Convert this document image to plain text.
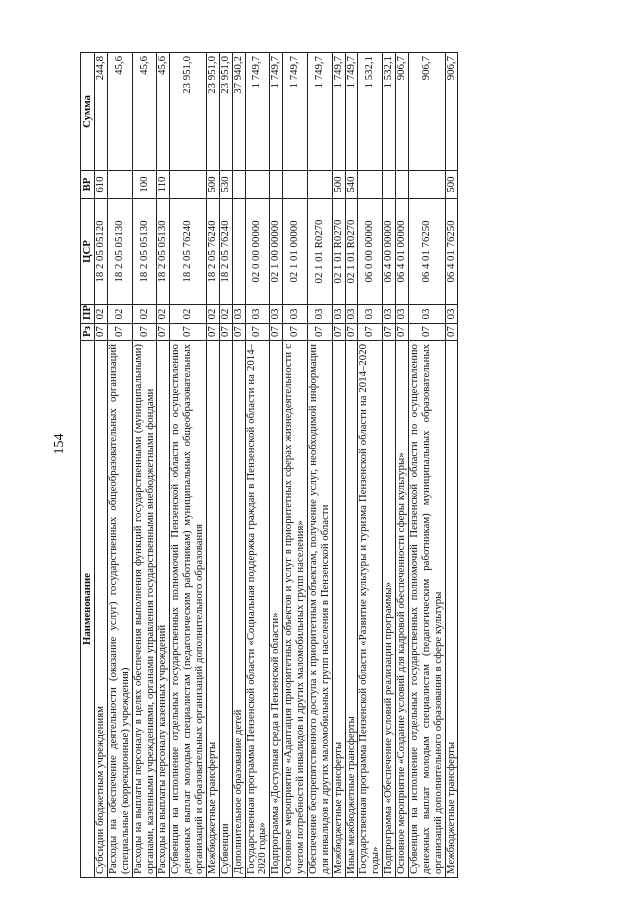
154
Наименование	Рз	ПР	ЦСР	ВР	Сумма
Субсидии бюджетным учреждениям	07	02	18 2 05 05120	610	244,8
Расходы на обеспечение деятельности (оказание услуг) государственных общеобразовательных организаций (специальные (коррекционные) учреждения)	07	02	18 2 05 05130		45,6
Расходы на выплаты персоналу в целях обеспечения выполнения функций государственными (муниципальными) органами, казенными учреждениями, органами управления государственными внебюджетными фондами	07	02	18 2 05 05130	100	45,6
Расходы на выплаты персоналу казенных учреждений	07	02	18 2 05 05130	110	45,6
Субвенция на исполнение отдельных государственных полномочий Пензенской области по осуществлению денежных выплат молодым специалистам (педагогическим работникам) муниципальных общеобразовательных организаций и образовательных организаций дополнительного образования	07	02	18 2 05 76240		23 951,0
Межбюджетные трансферты	07	02	18 2 05 76240	500	23 951,0
Субвенции	07	02	18 2 05 76240	530	23 951,0
Дополнительное образование детей	07	03			37 940,2
Государственная программа Пензенской области «Социальная поддержка граждан в Пензенской области на 2014–2020 годы»	07	03	02 0 00 00000		1 749,7
Подпрограмма «Доступная среда в Пензенской области»	07	03	02 1 00 00000		1 749,7
Основное мероприятие «Адаптация приоритетных объектов и услуг в приоритетных сферах жизнедеятельности с учетом потребностей инвалидов и других маломобильных групп населения»	07	03	02 1 01 00000		1 749,7
Обеспечение беспрепятственного доступа к приоритетным объектам, получение услуг, необходимой информации для инвалидов и других маломобильных групп населения в Пензенской области	07	03	02 1 01 R0270		1 749,7
Межбюджетные трансферты	07	03	02 1 01 R0270	500	1 749,7
Иные межбюджетные трансферты	07	03	02 1 01 R0270	540	1 749,7
Государственная программа Пензенской области «Развитие культуры и туризма Пензенской области на 2014–2020 годы»	07	03	06 0 00 00000		1 532,1
Подпрограмма «Обеспечение условий реализации программы»	07	03	06 4 00 00000		1 532,1
Основное мероприятие «Создание условий для кадровой обеспеченности сферы культуры»	07	03	06 4 01 00000		906,7
Субвенция на исполнение отдельных государственных полномочий Пензенской области по осуществлению денежных выплат молодым специалистам (педагогическим работникам) муниципальных образовательных организаций дополнительного образования в сфере культуры	07	03	06 4 01 76250		906,7
Межбюджетные трансферты	07	03	06 4 01 76250	500	906,7
